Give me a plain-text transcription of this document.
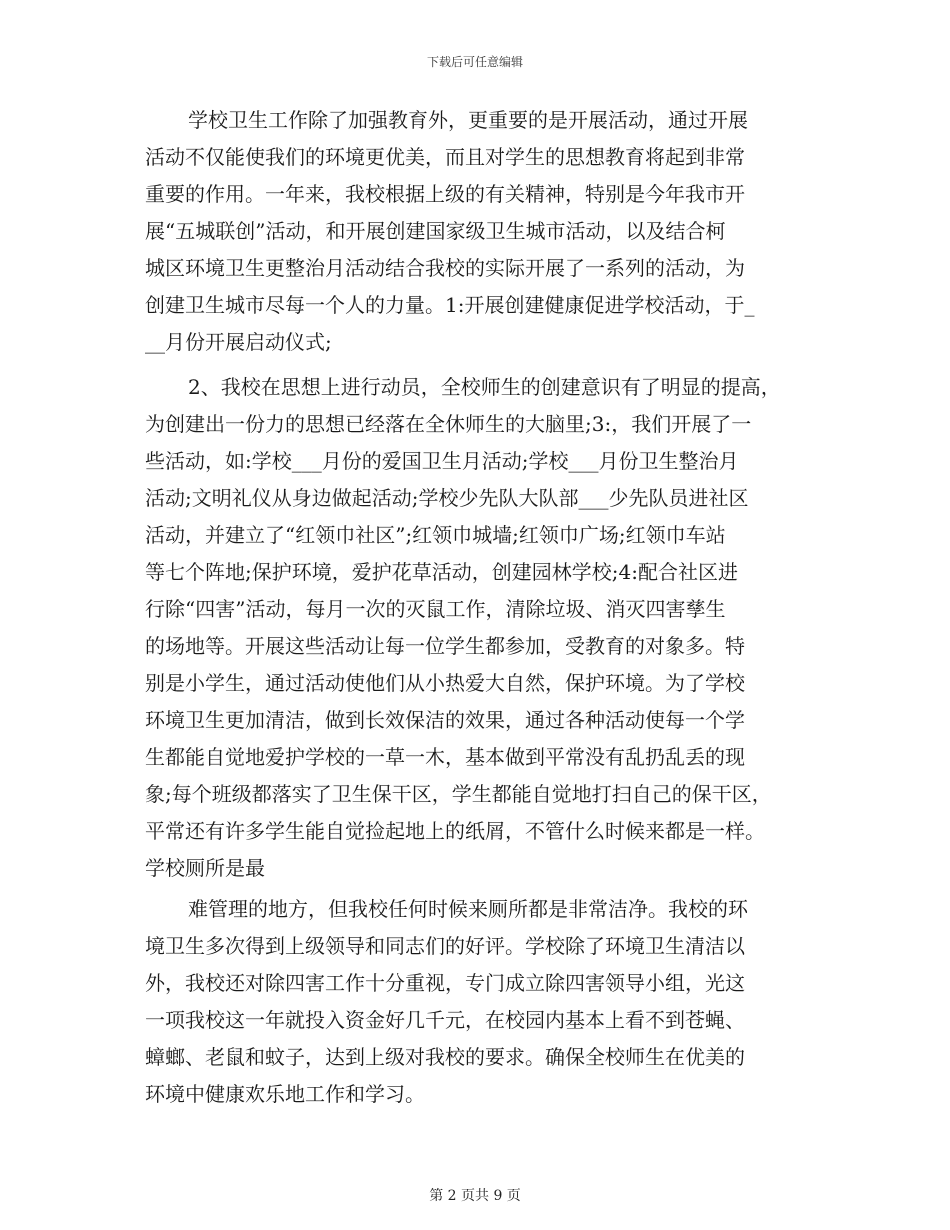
下载后可任意编辑
学校卫生工作除了加强教育外，更重要的是开展活动，通过开展
活动不仅能使我们的环境更优美，而且对学生的思想教育将起到非常
重要的作用。一年来，我校根据上级的有关精神，特别是今年我市开
展“五城联创”活动，和开展创建国家级卫生城市活动，以及结合柯
城区环境卫生更整治月活动结合我校的实际开展了一系列的活动，为
创建卫生城市尽每一个人的力量。1:开展创建健康促进学校活动，于_
__月份开展启动仪式;
2、我校在思想上进行动员，全校师生的创建意识有了明显的提高，
为创建出一份力的思想已经落在全休师生的大脑里;3:，我们开展了一
些活动，如:学校___月份的爱国卫生月活动;学校___月份卫生整治月
活动;文明礼仪从身边做起活动;学校少先队大队部___少先队员进社区
活动，并建立了“红领巾社区”;红领巾城墙;红领巾广场;红领巾车站
等七个阵地;保护环境，爱护花草活动，创建园林学校;4:配合社区进
行除“四害”活动，每月一次的灭鼠工作，清除垃圾、消灭四害孳生
的场地等。开展这些活动让每一位学生都参加，受教育的对象多。特
别是小学生，通过活动使他们从小热爱大自然，保护环境。为了学校
环境卫生更加清洁，做到长效保洁的效果，通过各种活动使每一个学
生都能自觉地爱护学校的一草一木，基本做到平常没有乱扔乱丢的现
象;每个班级都落实了卫生保干区，学生都能自觉地打扫自己的保干区，
平常还有许多学生能自觉捡起地上的纸屑，不管什么时候来都是一样。
学校厕所是最
难管理的地方，但我校任何时候来厕所都是非常洁净。我校的环
境卫生多次得到上级领导和同志们的好评。学校除了环境卫生清洁以
外，我校还对除四害工作十分重视，专门成立除四害领导小组，光这
一项我校这一年就投入资金好几千元，在校园内基本上看不到苍蝇、
蟑螂、老鼠和蚊子，达到上级对我校的要求。确保全校师生在优美的
环境中健康欢乐地工作和学习。
第 2 页共 9 页
